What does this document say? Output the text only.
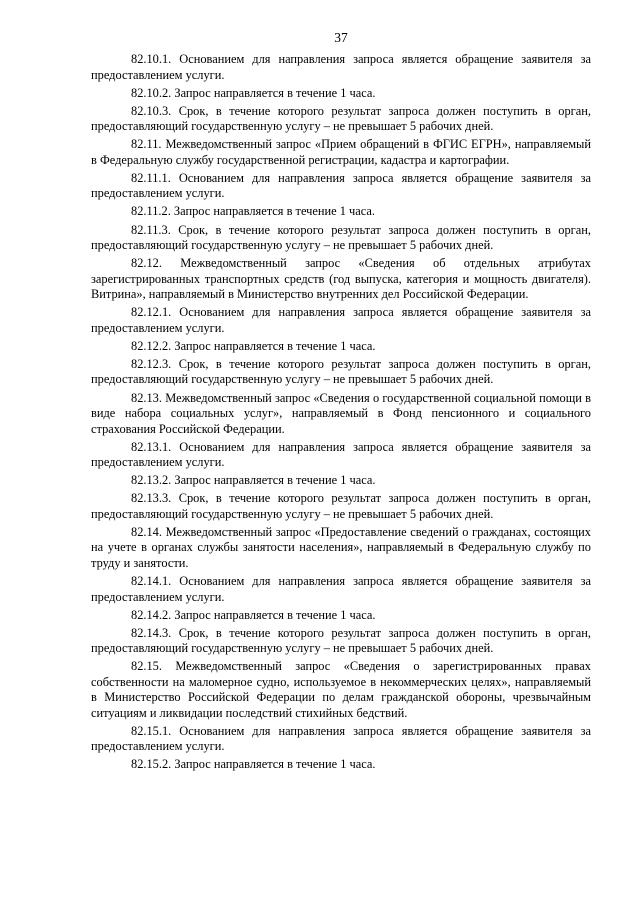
37

82.10.1. Основанием для направления запроса является обращение заявителя за предоставлением услуги.

82.10.2. Запрос направляется в течение 1 часа.

82.10.3. Срок, в течение которого результат запроса должен поступить в орган, предоставляющий государственную услугу – не превышает 5 рабочих дней.

82.11. Межведомственный запрос «Прием обращений в ФГИС ЕГРН», направляемый в Федеральную службу государственной регистрации, кадастра и картографии.

82.11.1. Основанием для направления запроса является обращение заявителя за предоставлением услуги.

82.11.2. Запрос направляется в течение 1 часа.

82.11.3. Срок, в течение которого результат запроса должен поступить в орган, предоставляющий государственную услугу – не превышает 5 рабочих дней.

82.12. Межведомственный запрос «Сведения об отдельных атрибутах зарегистрированных транспортных средств (год выпуска, категория и мощность двигателя). Витрина», направляемый в Министерство внутренних дел Российской Федерации.

82.12.1. Основанием для направления запроса является обращение заявителя за предоставлением услуги.

82.12.2. Запрос направляется в течение 1 часа.

82.12.3. Срок, в течение которого результат запроса должен поступить в орган, предоставляющий государственную услугу – не превышает 5 рабочих дней.

82.13. Межведомственный запрос «Сведения о государственной социальной помощи в виде набора социальных услуг», направляемый в Фонд пенсионного и социального страхования Российской Федерации.

82.13.1. Основанием для направления запроса является обращение заявителя за предоставлением услуги.

82.13.2. Запрос направляется в течение 1 часа.

82.13.3. Срок, в течение которого результат запроса должен поступить в орган, предоставляющий государственную услугу – не превышает 5 рабочих дней.

82.14. Межведомственный запрос «Предоставление сведений о гражданах, состоящих на учете в органах службы занятости населения», направляемый в Федеральную службу по труду и занятости.

82.14.1. Основанием для направления запроса является обращение заявителя за предоставлением услуги.

82.14.2. Запрос направляется в течение 1 часа.

82.14.3. Срок, в течение которого результат запроса должен поступить в орган, предоставляющий государственную услугу – не превышает 5 рабочих дней.

82.15. Межведомственный запрос «Сведения о зарегистрированных правах собственности на маломерное судно, используемое в некоммерческих целях», направляемый в Министерство Российской Федерации по делам гражданской обороны, чрезвычайным ситуациям и ликвидации последствий стихийных бедствий.

82.15.1. Основанием для направления запроса является обращение заявителя за предоставлением услуги.

82.15.2. Запрос направляется в течение 1 часа.
